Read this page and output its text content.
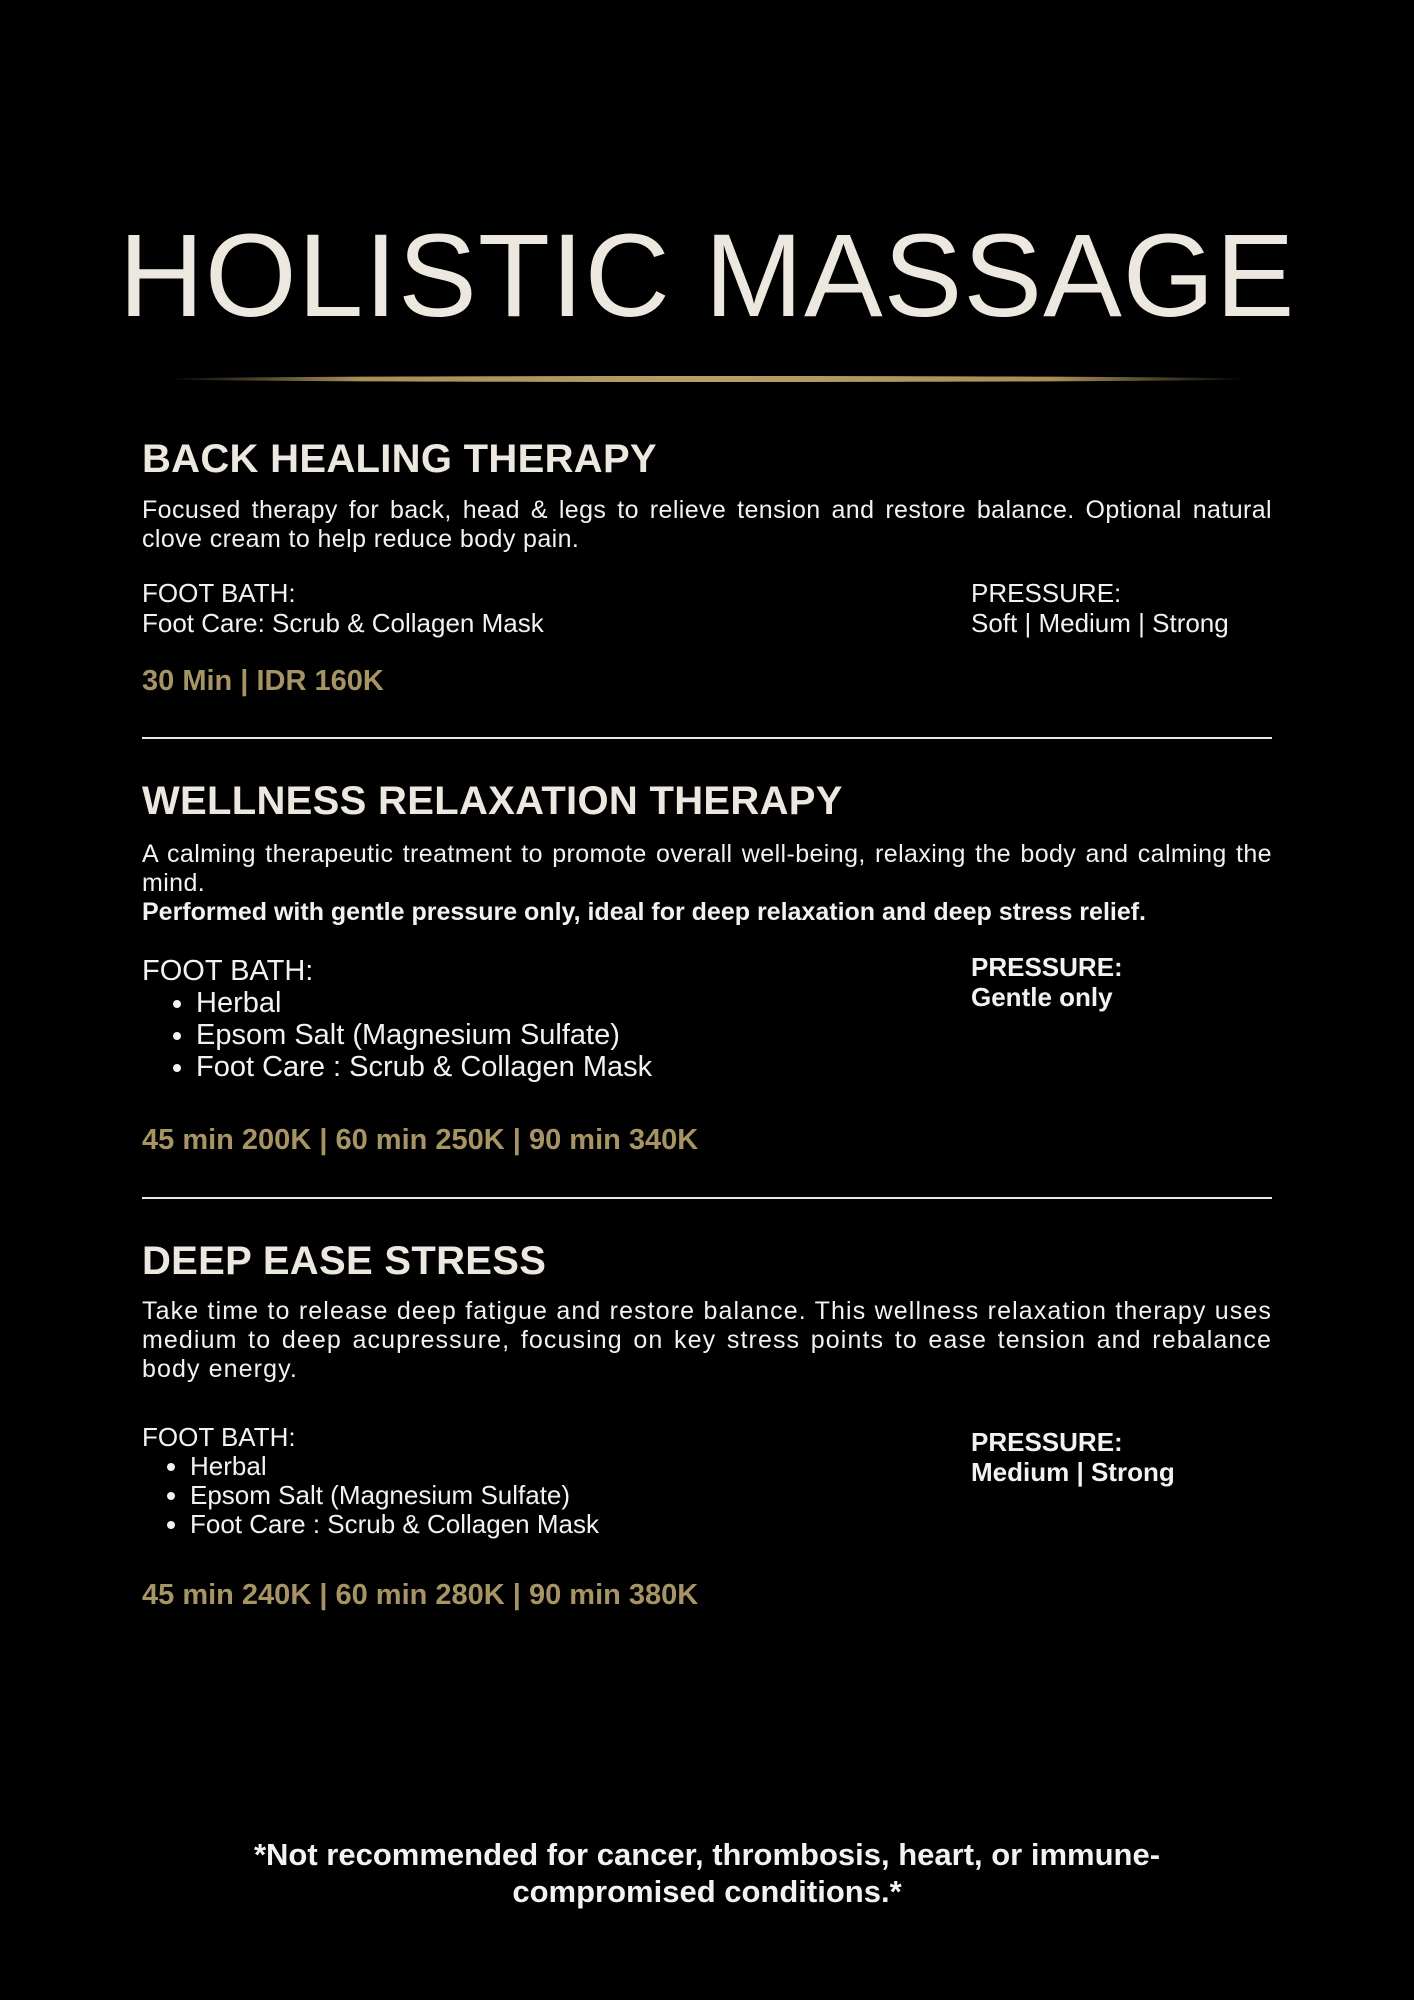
HOLISTIC MASSAGE
BACK HEALING THERAPY

Focused therapy for back, head & legs to relieve tension and restore balance. Optional natural clove cream to help reduce body pain.

FOOT BATH:

Foot Care: Scrub & Collagen Mask

PRESSURE:

Soft | Medium | Strong

30 Min | IDR 160K

WELLNESS RELAXATION THERAPY

A calming therapeutic treatment to promote overall well-being, relaxing the body and calming the mind.

Performed with gentle pressure only, ideal for deep relaxation and deep stress relief.

FOOT BATH:

• Herbal
• Epsom Salt (Magnesium Sulfate)
• Foot Care : Scrub & Collagen Mask

PRESSURE:

Gentle only

45 min 200K | 60 min 250K | 90 min 340K

DEEP EASE STRESS

Take time to release deep fatigue and restore balance. This wellness relaxation therapy uses medium to deep acupressure, focusing on key stress points to ease tension and rebalance body energy.

FOOT BATH:

• Herbal
• Epsom Salt (Magnesium Sulfate)
• Foot Care : Scrub & Collagen Mask

PRESSURE:

Medium | Strong

45 min 240K | 60 min 280K | 90 min 380K

*Not recommended for cancer, thrombosis, heart, or immune-compromised conditions.*
